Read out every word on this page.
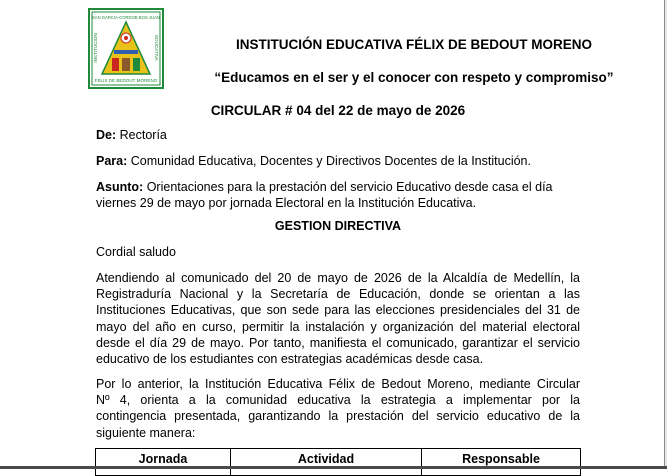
SAN GARCIA-CORDOB BOS-JUAN
INSTITUCION	EDUCATIVA
FÉLIX DE BEDOUT MORENO
INSTITUCIÓN EDUCATIVA FÉLIX DE BEDOUT MORENO
“Educamos en el ser y el conocer con respeto y compromiso”
CIRCULAR # 04 del 22 de mayo de 2026
De: Rectoría
Para: Comunidad Educativa, Docentes y Directivos Docentes de la Institución.
Asunto: Orientaciones para la prestación del servicio Educativo desde casa el día
viernes 29 de mayo por jornada Electoral en la Institución Educativa.
GESTION DIRECTIVA
Cordial saludo
Atendiendo al comunicado del 20 de mayo de 2026 de la Alcaldía de Medellín, la
Registraduría Nacional y la Secretaría de Educación, donde se orientan a las
Instituciones Educativas, que son sede para las elecciones presidenciales del 31 de
mayo del año en curso, permitir la instalación y organización del material electoral
desde el día 29 de mayo. Por tanto, manifiesta el comunicado, garantizar el servicio
educativo de los estudiantes con estrategias académicas desde casa.
Por lo anterior, la Institución Educativa Félix de Bedout Moreno, mediante Circular
Nº 4, orienta a la comunidad educativa la estrategia a implementar por la
contingencia presentada, garantizando la prestación del servicio educativo de la
siguiente manera:
Jornada	Actividad	Responsable
